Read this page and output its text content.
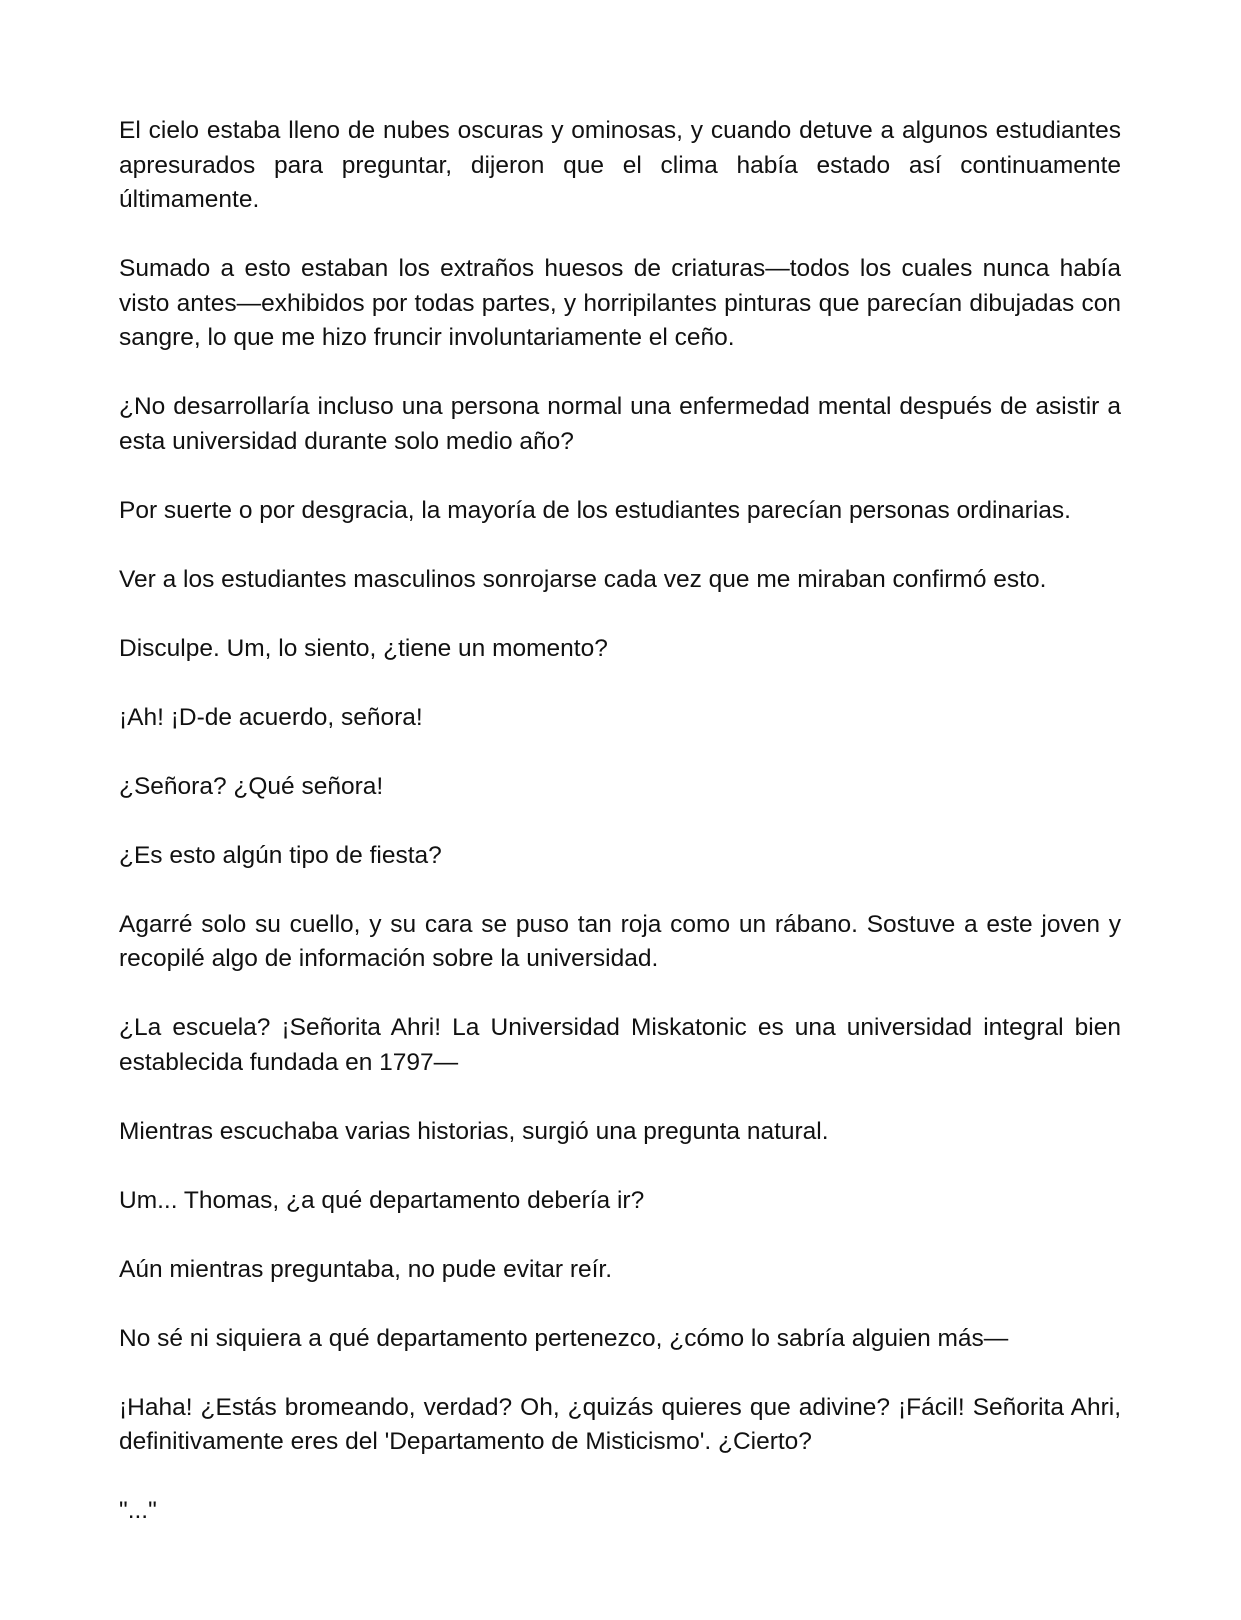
El cielo estaba lleno de nubes oscuras y ominosas, y cuando detuve a algunos estudiantes apresurados para preguntar, dijeron que el clima había estado así continuamente últimamente.

Sumado a esto estaban los extraños huesos de criaturas—todos los cuales nunca había visto antes—exhibidos por todas partes, y horripilantes pinturas que parecían dibujadas con sangre, lo que me hizo fruncir involuntariamente el ceño.

¿No desarrollaría incluso una persona normal una enfermedad mental después de asistir a esta universidad durante solo medio año?

Por suerte o por desgracia, la mayoría de los estudiantes parecían personas ordinarias.

Ver a los estudiantes masculinos sonrojarse cada vez que me miraban confirmó esto.

Disculpe. Um, lo siento, ¿tiene un momento?

¡Ah! ¡D-de acuerdo, señora!

¿Señora? ¿Qué señora!

¿Es esto algún tipo de fiesta?

Agarré solo su cuello, y su cara se puso tan roja como un rábano. Sostuve a este joven y recopilé algo de información sobre la universidad.

¿La escuela? ¡Señorita Ahri! La Universidad Miskatonic es una universidad integral bien establecida fundada en 1797—

Mientras escuchaba varias historias, surgió una pregunta natural.

Um... Thomas, ¿a qué departamento debería ir?

Aún mientras preguntaba, no pude evitar reír.

No sé ni siquiera a qué departamento pertenezco, ¿cómo lo sabría alguien más—

¡Haha! ¿Estás bromeando, verdad? Oh, ¿quizás quieres que adivine? ¡Fácil! Señorita Ahri, definitivamente eres del 'Departamento de Misticismo'. ¿Cierto?

"..."
